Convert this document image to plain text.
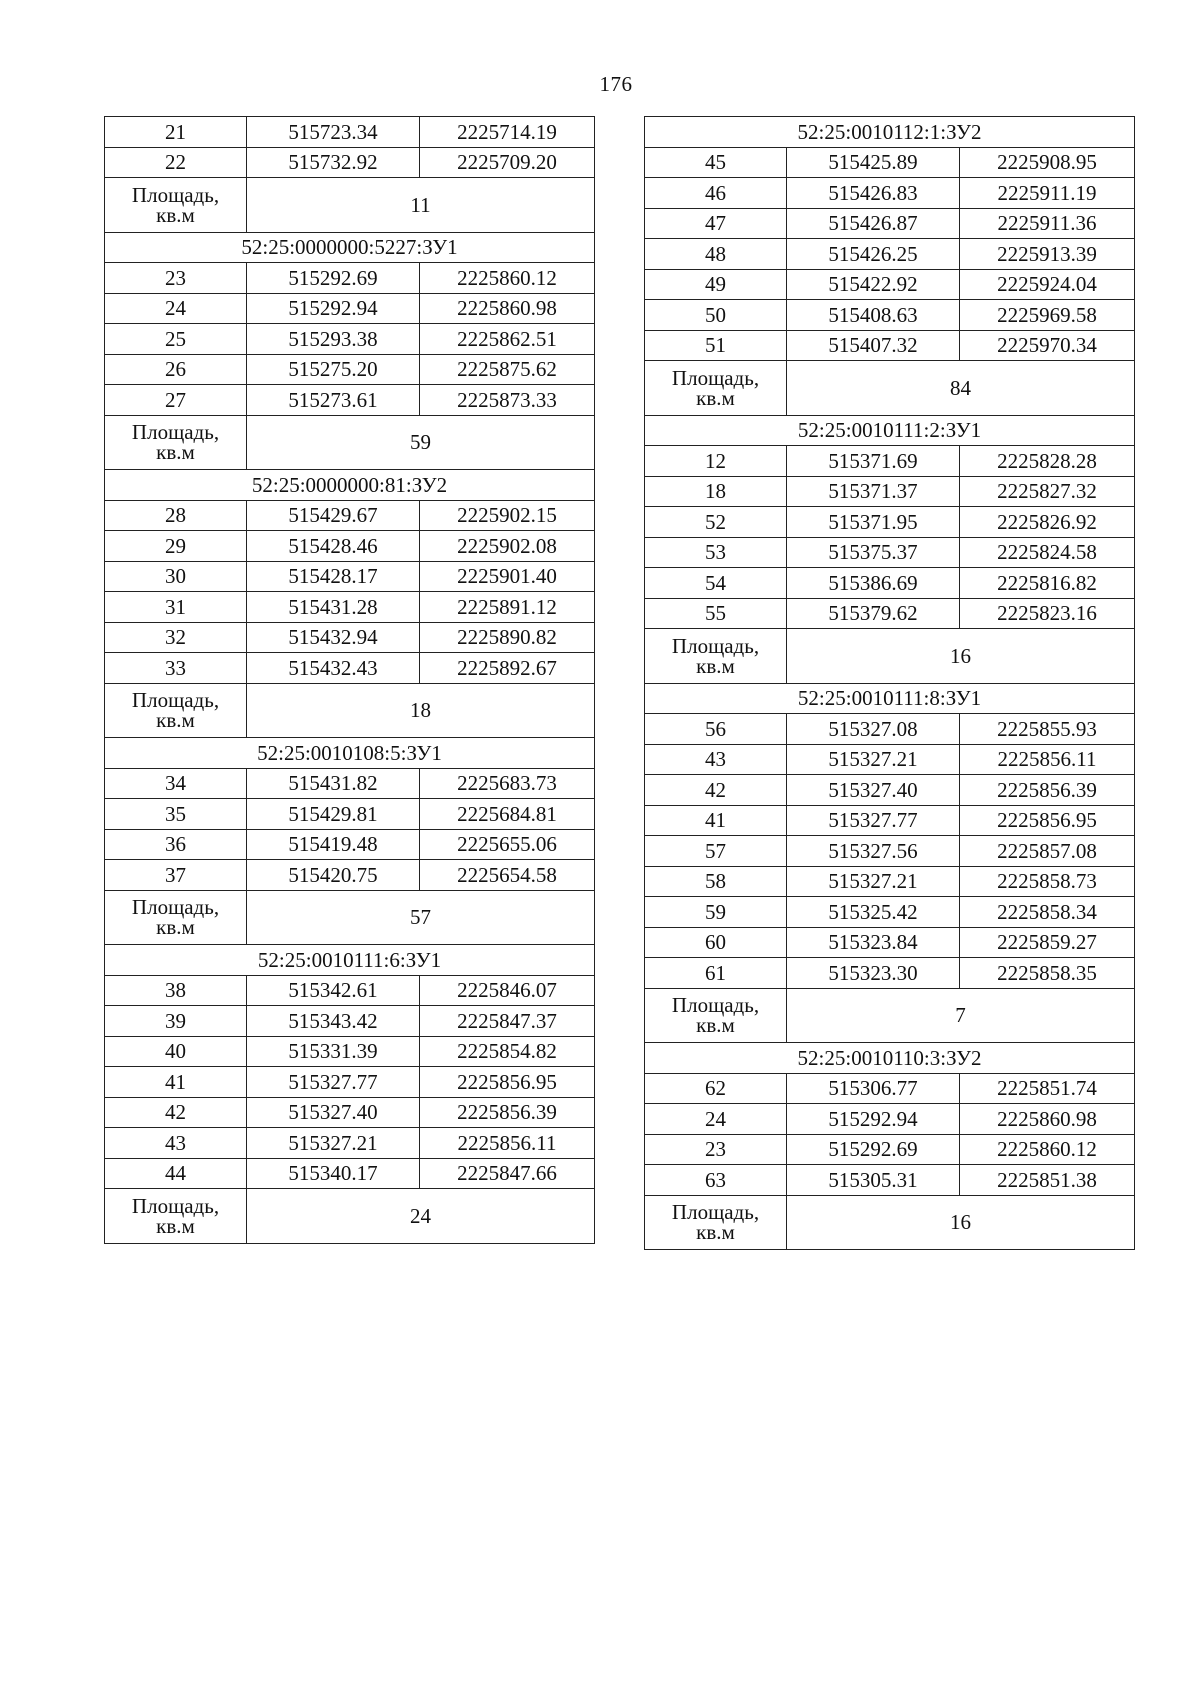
176
21	515723.34	2225714.19
22	515732.92	2225709.20
Площадь,
кв.м	11	
52:25:0000000:5227:ЗУ1		
23	515292.69	2225860.12
24	515292.94	2225860.98
25	515293.38	2225862.51
26	515275.20	2225875.62
27	515273.61	2225873.33
Площадь,
кв.м	59	
52:25:0000000:81:ЗУ2		
28	515429.67	2225902.15
29	515428.46	2225902.08
30	515428.17	2225901.40
31	515431.28	2225891.12
32	515432.94	2225890.82
33	515432.43	2225892.67
Площадь,
кв.м	18	
52:25:0010108:5:ЗУ1		
34	515431.82	2225683.73
35	515429.81	2225684.81
36	515419.48	2225655.06
37	515420.75	2225654.58
Площадь,
кв.м	57	
52:25:0010111:6:ЗУ1		
38	515342.61	2225846.07
39	515343.42	2225847.37
40	515331.39	2225854.82
41	515327.77	2225856.95
42	515327.40	2225856.39
43	515327.21	2225856.11
44	515340.17	2225847.66
Площадь,
кв.м	24	
52:25:0010112:1:ЗУ2		
45	515425.89	2225908.95
46	515426.83	2225911.19
47	515426.87	2225911.36
48	515426.25	2225913.39
49	515422.92	2225924.04
50	515408.63	2225969.58
51	515407.32	2225970.34
Площадь,
кв.м	84	
52:25:0010111:2:ЗУ1		
12	515371.69	2225828.28
18	515371.37	2225827.32
52	515371.95	2225826.92
53	515375.37	2225824.58
54	515386.69	2225816.82
55	515379.62	2225823.16
Площадь,
кв.м	16	
52:25:0010111:8:ЗУ1		
56	515327.08	2225855.93
43	515327.21	2225856.11
42	515327.40	2225856.39
41	515327.77	2225856.95
57	515327.56	2225857.08
58	515327.21	2225858.73
59	515325.42	2225858.34
60	515323.84	2225859.27
61	515323.30	2225858.35
Площадь,
кв.м	7	
52:25:0010110:3:ЗУ2		
62	515306.77	2225851.74
24	515292.94	2225860.98
23	515292.69	2225860.12
63	515305.31	2225851.38
Площадь,
кв.м	16	
